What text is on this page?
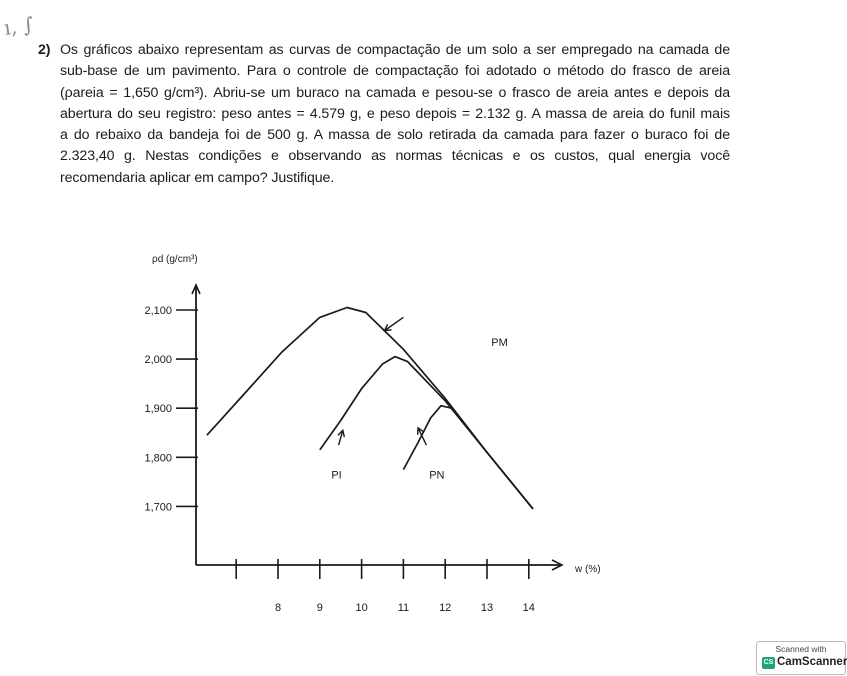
ı, ∫
2) Os gráficos abaixo representam as curvas de compactação de um solo a ser empregado na camada de
sub-base de um pavimento. Para o controle de compactação foi adotado o método do frasco de areia
(ρareia = 1,650 g/cm³). Abriu-se um buraco na camada e pesou-se o frasco de areia antes e depois da
abertura do seu registro: peso antes = 4.579 g, e peso depois = 2.132 g. A massa de areia do funil mais
a do rebaixo da bandeja foi de 500 g. A massa de solo retirada da camada para fazer o buraco foi de
2.323,40 g. Nestas condições e observando as normas técnicas e os custos, qual energia você
recomendaria aplicar em campo? Justifique.
2,100
2,000
1,900
1,800
1,700
8	9	10	11	12	13	14
ρd (g/cm³)
w (%)
PM
PI	PN
Scanned with
CS CamScanner
